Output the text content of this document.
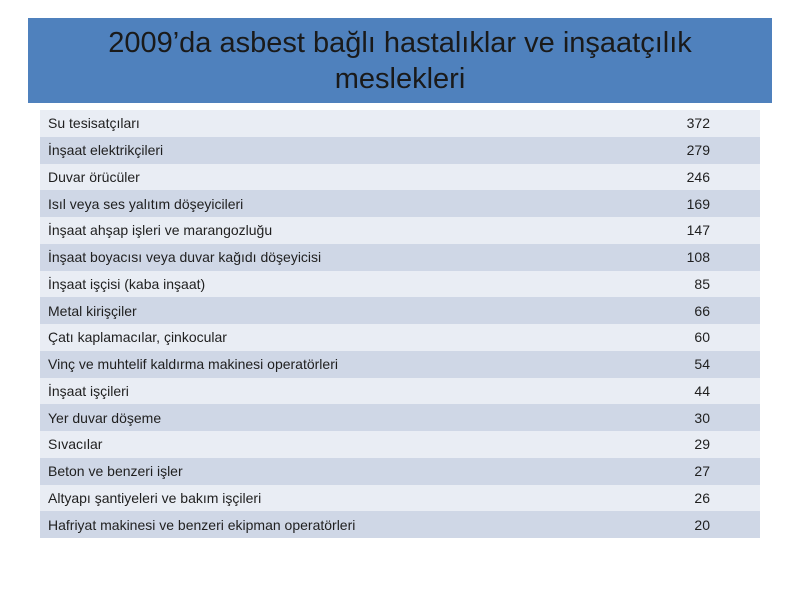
2009’da asbest bağlı hastalıklar ve inşaatçılık meslekleri
Su tesisatçıları	372
İnşaat elektrikçileri	279
Duvar örücüler	246
Isıl veya ses yalıtım döşeyicileri	169
İnşaat ahşap işleri ve marangozluğu	147
İnşaat boyacısı veya duvar kağıdı döşeyicisi	108
İnşaat işçisi (kaba inşaat)	85
Metal kirişçiler	66
Çatı kaplamacılar, çinkocular	60
Vinç ve muhtelif kaldırma makinesi operatörleri	54
İnşaat işçileri	44
Yer duvar döşeme	30
Sıvacılar	29
Beton ve benzeri işler	27
Altyapı şantiyeleri ve bakım işçileri	26
Hafriyat makinesi ve benzeri ekipman operatörleri	20
